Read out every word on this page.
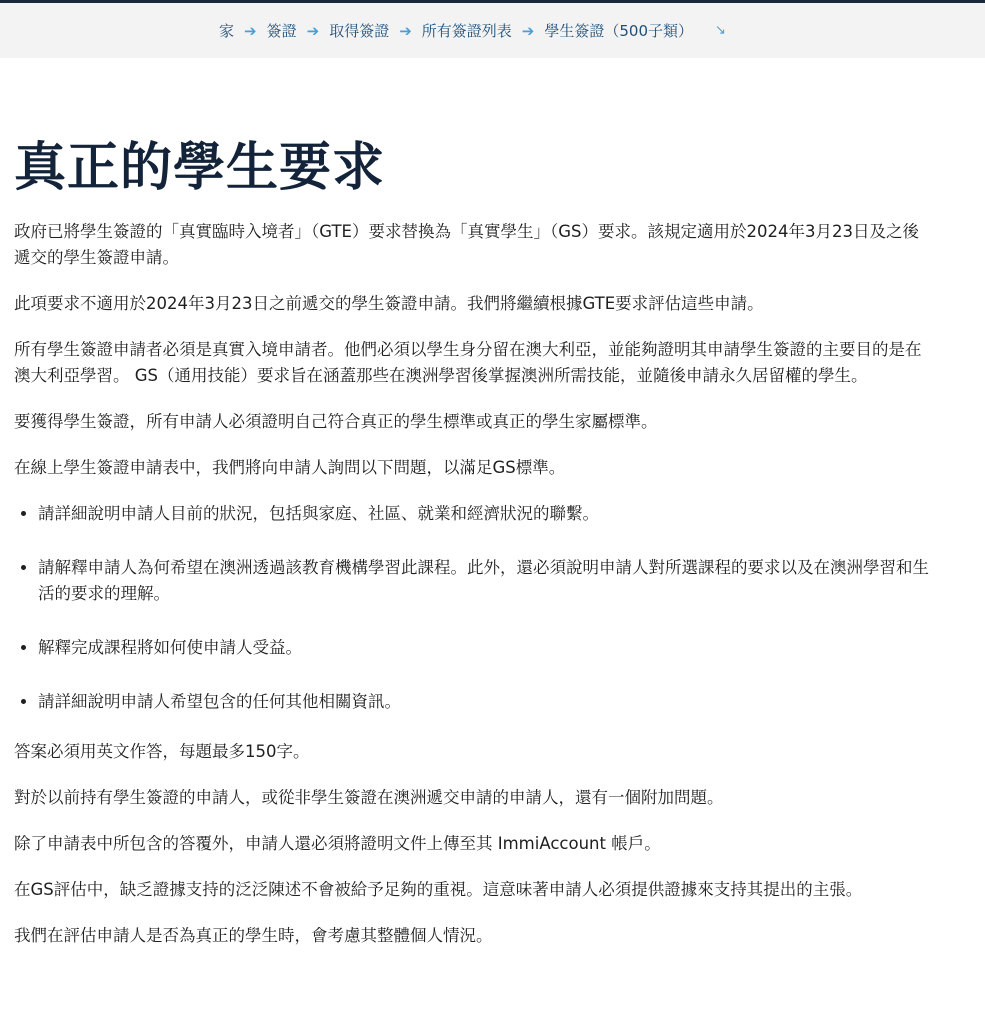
家 ➔ 簽證 ➔ 取得簽證 ➔ 所有簽證列表 ➔ 學生簽證（500子類） ↘
真正的學生要求

政府已將學生簽證的「真實臨時入境者」（GTE）要求替換為「真實學生」（GS）要求。該規定適用於2024年3月23日及之後遞交的學生簽證申請。

此項要求不適用於2024年3月23日之前遞交的學生簽證申請。我們將繼續根據GTE要求評估這些申請。

所有學生簽證申請者必須是真實入境申請者。他們必須以學生身分留在澳大利亞，並能夠證明其申請學生簽證的主要目的是在澳大利亞學習。 GS（通用技能）要求旨在涵蓋那些在澳洲學習後掌握澳洲所需技能，並隨後申請永久居留權的學生。

要獲得學生簽證，所有申請人必須證明自己符合真正的學生標準或真正的學生家屬標準。

在線上學生簽證申請表中，我們將向申請人詢問以下問題，以滿足GS標準。

• 請詳細說明申請人目前的狀況，包括與家庭、社區、就業和經濟狀況的聯繫。
• 請解釋申請人為何希望在澳洲透過該教育機構學習此課程。此外，還必須說明申請人對所選課程的要求以及在澳洲學習和生活的要求的理解。
• 解釋完成課程將如何使申請人受益。
• 請詳細說明申請人希望包含的任何其他相關資訊。

答案必須用英文作答，每題最多150字。

對於以前持有學生簽證的申請人，或從非學生簽證在澳洲遞交申請的申請人，還有一個附加問題。

除了申請表中所包含的答覆外，申請人還必須將證明文件上傳至其 ImmiAccount 帳戶。

在GS評估中，缺乏證據支持的泛泛陳述不會被給予足夠的重視。這意味著申請人必須提供證據來支持其提出的主張。

我們在評估申請人是否為真正的學生時，會考慮其整體個人情況。
